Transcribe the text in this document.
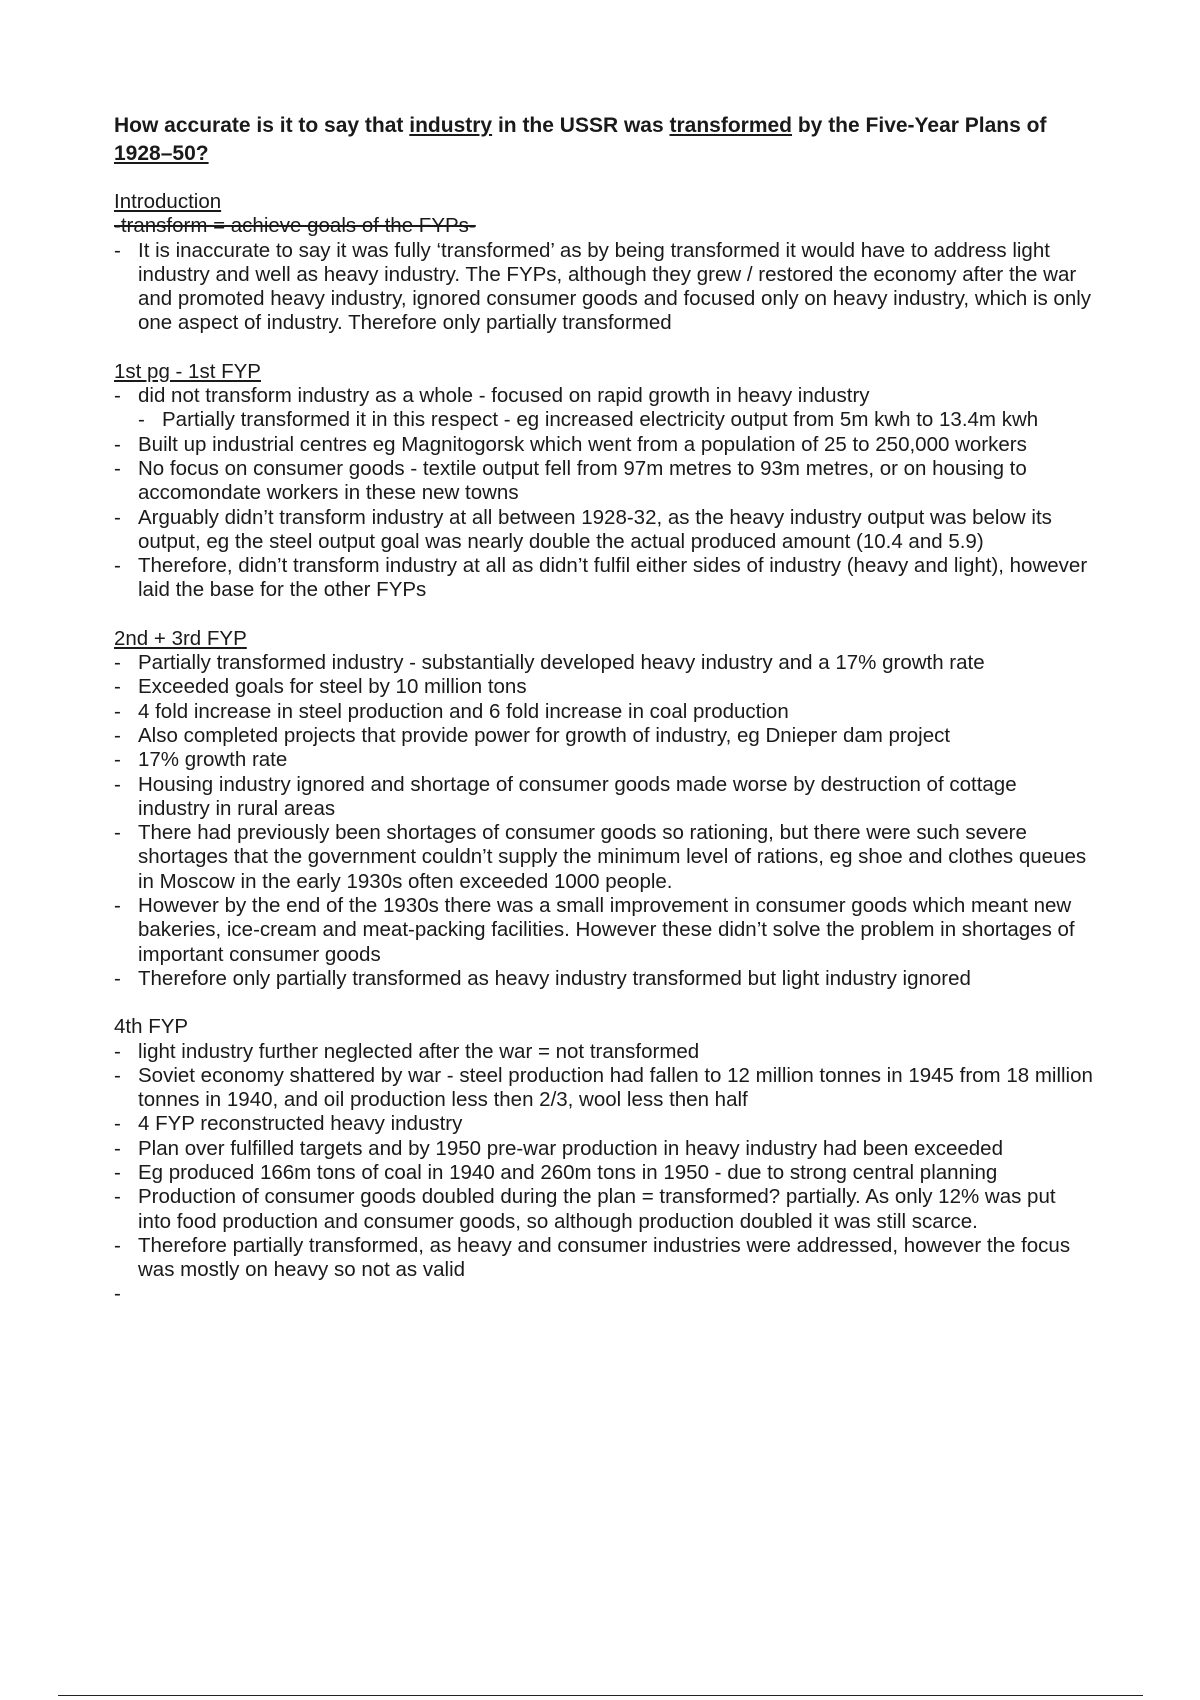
How accurate is it to say that industry in the USSR was transformed by the Five-Year Plans of 1928–50?
Introduction
-transform = achieve goals of the FYPs-
- It is inaccurate to say it was fully ‘transformed’ as by being transformed it would have to address light industry and well as heavy industry. The FYPs, although they grew / restored the economy after the war and promoted heavy industry, ignored consumer goods and focused only on heavy industry, which is only one aspect of industry. Therefore only partially transformed
1st pg - 1st FYP
- did not transform industry as a whole - focused on rapid growth in heavy industry
- Partially transformed it in this respect - eg increased electricity output from 5m kwh to 13.4m kwh
- Built up industrial centres eg Magnitogorsk which went from a population of 25 to 250,000 workers
- No focus on consumer goods - textile output fell from 97m metres to 93m metres, or on housing to accomondate workers in these new towns
- Arguably didn’t transform industry at all between 1928-32, as the heavy industry output was below its output, eg the steel output goal was nearly double the actual produced amount (10.4 and 5.9)
- Therefore, didn’t transform industry at all as didn’t fulfil either sides of industry (heavy and light), however laid the base for the other FYPs
2nd + 3rd FYP
- Partially transformed industry - substantially developed heavy industry and a 17% growth rate
- Exceeded goals for steel by 10 million tons
- 4 fold increase in steel production and 6 fold increase in coal production
- Also completed projects that provide power for growth of industry, eg Dnieper dam project
- 17% growth rate
- Housing industry ignored and shortage of consumer goods made worse by destruction of cottage industry in rural areas
- There had previously been shortages of consumer goods so rationing, but there were such severe shortages that the government couldn’t supply the minimum level of rations, eg shoe and clothes queues in Moscow in the early 1930s often exceeded 1000 people.
- However by the end of the 1930s there was a small improvement in consumer goods which meant new bakeries, ice-cream and meat-packing facilities. However these didn’t solve the problem in shortages of important consumer goods
- Therefore only partially transformed as heavy industry transformed but light industry ignored
4th FYP
- light industry further neglected after the war = not transformed
- Soviet economy shattered by war - steel production had fallen to 12 million tonnes in 1945 from 18 million tonnes in 1940, and oil production less then 2/3, wool less then half
- 4 FYP reconstructed heavy industry
- Plan over fulfilled targets and by 1950 pre-war production in heavy industry had been exceeded
- Eg produced 166m tons of coal in 1940 and 260m tons in 1950 - due to strong central planning
- Production of consumer goods doubled during the plan = transformed? partially. As only 12% was put into food production and consumer goods, so although production doubled it was still scarce.
- Therefore partially transformed, as heavy and consumer industries were addressed, however the focus was mostly on heavy so not as valid
-
